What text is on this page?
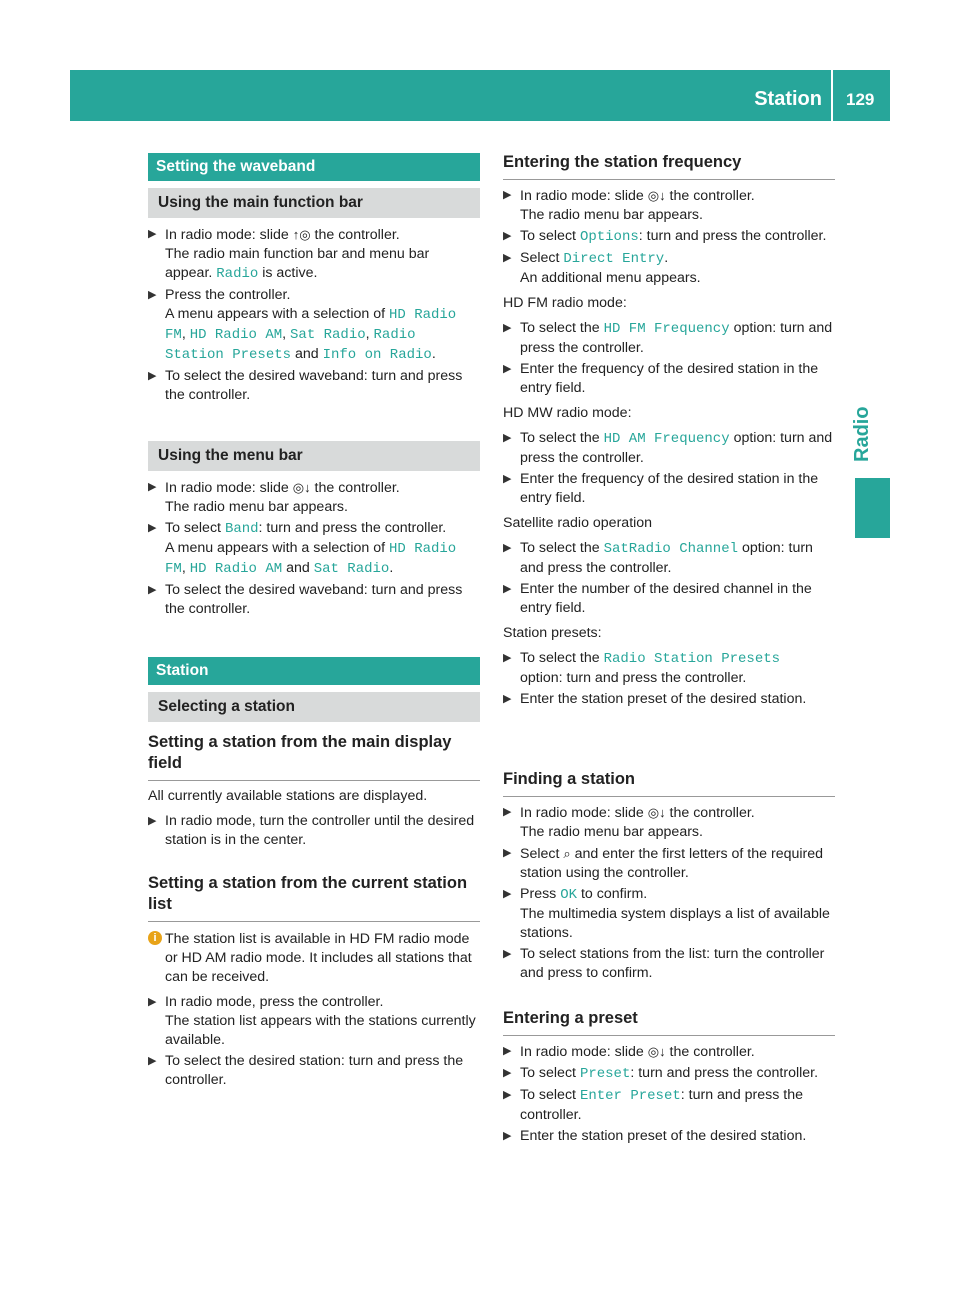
Station 129
Radio
Setting the waveband
Using the main function bar
▶ In radio mode: slide ↑◎ the controller.
The radio main function bar and menu bar appear. Radio is active.
▶ Press the controller.
A menu appears with a selection of HD Radio FM, HD Radio AM, Sat Radio, Radio Station Presets and Info on Radio.
▶ To select the desired waveband: turn and press the controller.
Using the menu bar
▶ In radio mode: slide ◎↓ the controller.
The radio menu bar appears.
▶ To select Band: turn and press the controller.
A menu appears with a selection of HD Radio FM, HD Radio AM and Sat Radio.
▶ To select the desired waveband: turn and press the controller.
Station
Selecting a station
Setting a station from the main display field
All currently available stations are displayed.
▶ In radio mode, turn the controller until the desired station is in the center.
Setting a station from the current station list
i The station list is available in HD FM radio mode or HD AM radio mode. It includes all stations that can be received.
▶ In radio mode, press the controller.
The station list appears with the stations currently available.
▶ To select the desired station: turn and press the controller.
Entering the station frequency
▶ In radio mode: slide ◎↓ the controller.
The radio menu bar appears.
▶ To select Options: turn and press the controller.
▶ Select Direct Entry.
An additional menu appears.
HD FM radio mode:
▶ To select the HD FM Frequency option: turn and press the controller.
▶ Enter the frequency of the desired station in the entry field.
HD MW radio mode:
▶ To select the HD AM Frequency option: turn and press the controller.
▶ Enter the frequency of the desired station in the entry field.
Satellite radio operation
▶ To select the SatRadio Channel option: turn and press the controller.
▶ Enter the number of the desired channel in the entry field.
Station presets:
▶ To select the Radio Station Presets
option: turn and press the controller.
▶ Enter the station preset of the desired station.
Finding a station
▶ In radio mode: slide ◎↓ the controller.
The radio menu bar appears.
▶ Select ⌕ and enter the first letters of the required station using the controller.
▶ Press OK to confirm.
The multimedia system displays a list of available stations.
▶ To select stations from the list: turn the controller and press to confirm.
Entering a preset
▶ In radio mode: slide ◎↓ the controller.
▶ To select Preset: turn and press the controller.
▶ To select Enter Preset: turn and press the controller.
▶ Enter the station preset of the desired station.
